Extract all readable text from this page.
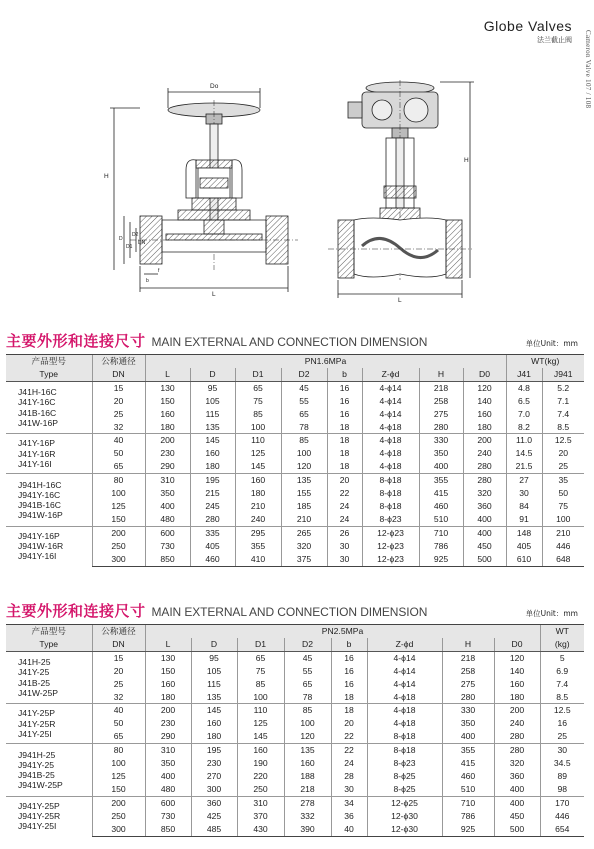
Globe Valves
法兰截止阀	Cameron Valve 107 / 108
Do
H
D
D1
D2
DN
b
f
L
H
L
主要外形和连接尺寸 MAIN EXTERNAL AND CONNECTION DIMENSION	单位Unit：mm
产品型号	公称通径	PN1.6MPa								WT(kg)	
Type	DN	L	D	D1	D2	b	Z-ϕd	H	D0	J41	J941

J41H-16C
J41Y-16C
J41B-16C
J41W-16P	15	130	95	65	45	16	4-ϕ14	218	120	4.8	5.2
	20	150	105	75	55	16	4-ϕ14	258	140	6.5	7.1
	25	160	115	85	65	16	4-ϕ14	275	160	7.0	7.4
	32	180	135	100	78	18	4-ϕ18	280	180	8.2	8.5

J41Y-16P
J41Y-16R
J41Y-16I	40	200	145	110	85	18	4-ϕ18	330	200	11.0	12.5
	50	230	160	125	100	18	4-ϕ18	350	240	14.5	20
	65	290	180	145	120	18	4-ϕ18	400	280	21.5	25

J941H-16C
J941Y-16C
J941B-16C
J941W-16P	80	310	195	160	135	20	8-ϕ18	355	280	27	35
	100	350	215	180	155	22	8-ϕ18	415	320	30	50
	125	400	245	210	185	24	8-ϕ18	460	360	84	75
	150	480	280	240	210	24	8-ϕ23	510	400	91	100

J941Y-16P
J941W-16R
J941Y-16I	200	600	335	295	265	26	12-ϕ23	710	400	148	210
	250	730	405	355	320	30	12-ϕ23	786	450	405	446
	300	850	460	410	375	30	12-ϕ23	925	500	610	648
主要外形和连接尺寸 MAIN EXTERNAL AND CONNECTION DIMENSION	单位Unit：mm
产品型号	公称通径	PN2.5MPa								WT
Type	DN	L	D	D1	D2	b	Z-ϕd	H	D0	(kg)

J41H-25
J41Y-25
J41B-25
J41W-25P	15	130	95	65	45	16	4-ϕ14	218	120	5
	20	150	105	75	55	16	4-ϕ14	258	140	6.9
	25	160	115	85	65	16	4-ϕ14	275	160	7.4
	32	180	135	100	78	18	4-ϕ18	280	180	8.5

J41Y-25P
J41Y-25R
J41Y-25I	40	200	145	110	85	18	4-ϕ18	330	200	12.5
	50	230	160	125	100	20	4-ϕ18	350	240	16
	65	290	180	145	120	22	8-ϕ18	400	280	25

J941H-25
J941Y-25
J941B-25
J941W-25P	80	310	195	160	135	22	8-ϕ18	355	280	30
	100	350	230	190	160	24	8-ϕ23	415	320	34.5
	125	400	270	220	188	28	8-ϕ25	460	360	89
	150	480	300	250	218	30	8-ϕ25	510	400	98

J941Y-25P
J941Y-25R
J941Y-25I	200	600	360	310	278	34	12-ϕ25	710	400	170
	250	730	425	370	332	36	12-ϕ30	786	450	446
	300	850	485	430	390	40	12-ϕ30	925	500	654
